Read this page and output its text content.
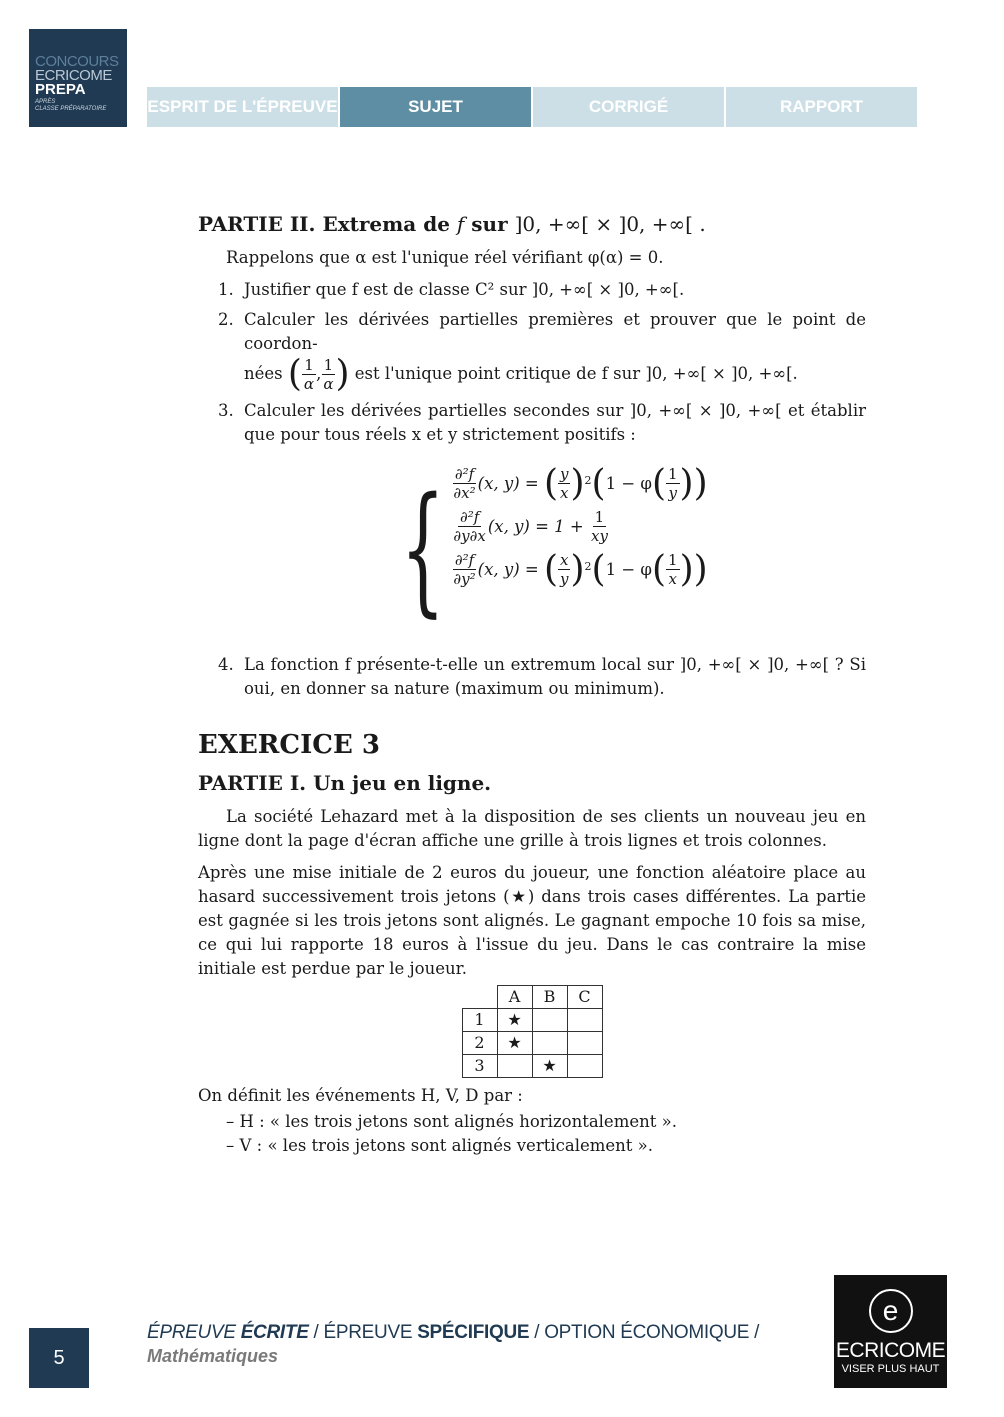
CONCOURS
ECRICOME
PREPA
APRÈS
CLASSE PRÉPARATOIRE	ESPRIT DE L'ÉPREUVE	SUJET	CORRIGÉ	RAPPORT
PARTIE II. Extrema de f sur ]0, +∞[ × ]0, +∞[ .

Rappelons que α est l'unique réel vérifiant φ(α) = 0.

1. Justifier que f est de classe C² sur ]0, +∞[ × ]0, +∞[.
2. Calculer les dérivées partielles premières et prouver que le point de coordon-
nées ( $\frac{1}{\alpha}$ , $\frac{1}{\alpha}$ ) est l'unique point critique de f sur ]0, +∞[ × ]0, +∞[.
3. Calculer les dérivées partielles secondes sur ]0, +∞[ × ]0, +∞[ et établir que pour tous réels x et y strictement positifs :
{ $\frac{\text{∂²f}}{\text{∂x²}} (x$, y) =
( $\frac{y}{x}$ ) 2 ( 1 − φ ( $\frac{1}{y}$ ))
$\frac{\text{∂²f}}{\partial y\partial x} (x$, y) = 1 +
$\frac{1}{xy}$
$\frac{\text{∂²f}}{\text{∂y²}} (x$, y) =
( $\frac{x}{y}$ ) 2 ( 1 − φ ( $\frac{1}{x}$ ))
4. La fonction f présente-t-elle un extremum local sur ]0, +∞[ × ]0, +∞[ ? Si oui, en donner sa nature (maximum ou minimum).
EXERCICE 3
PARTIE I. Un jeu en ligne.

La société Lehazard met à la disposition de ses clients un nouveau jeu en ligne dont la page d'écran affiche une grille à trois lignes et trois colonnes.

Après une mise initiale de 2 euros du joueur, une fonction aléatoire place au hasard successivement trois jetons (★) dans trois cases différentes. La partie est gagnée si les trois jetons sont alignés. Le gagnant empoche 10 fois sa mise, ce qui lui rapporte 18 euros à l'issue du jeu. Dans le cas contraire la mise initiale est perdue par le joueur.

	A	B	C
1	★		
2	★		
3		★	

On définit les événements H, V, D par :

– H : « les trois jetons sont alignés horizontalement ».
– V : « les trois jetons sont alignés verticalement ».
5
ÉPREUVE ÉCRITE / ÉPREUVE SPÉCIFIQUE / OPTION ÉCONOMIQUE /
Mathématiques
e
ECRICOME
VISER PLUS HAUT
